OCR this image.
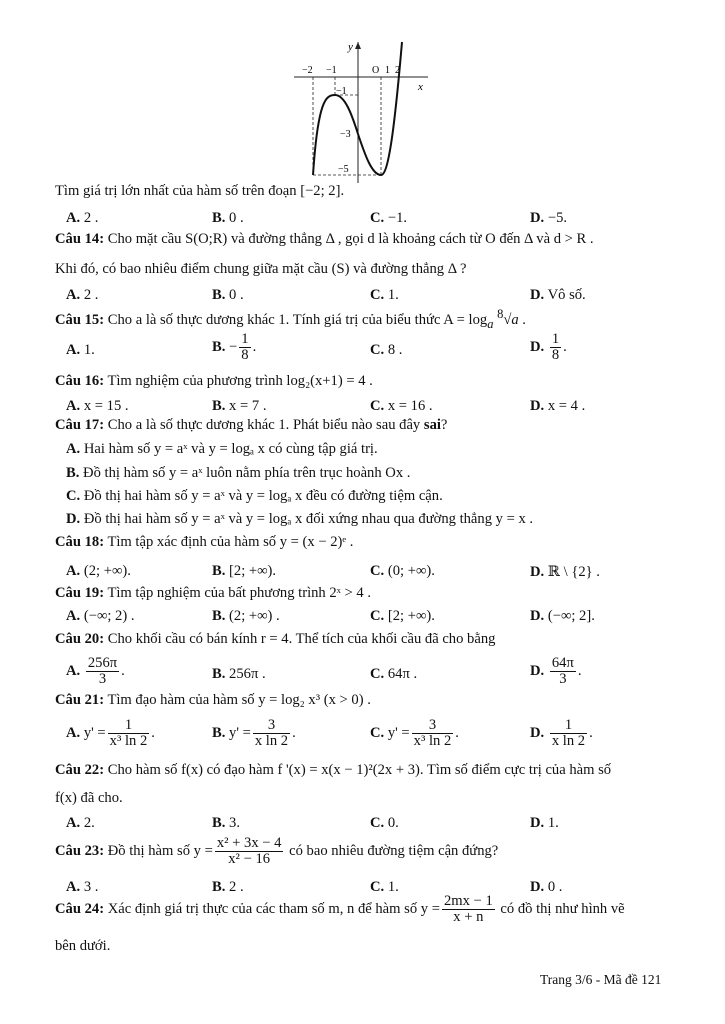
y
x
O
−2 −1	1 2
−1
−3
−5
Tìm giá trị lớn nhất của hàm số trên đoạn [−2; 2].
A. 2 .	B. 0 .	C. −1.	D. −5.
Câu 14: Cho mặt cầu S(O;R) và đường thẳng Δ , gọi d là khoảng cách từ O đến Δ và d > R .
Khi đó, có bao nhiêu điểm chung giữa mặt cầu (S) và đường thẳng Δ ?
A. 2 .	B. 0 .	C. 1.	D. Vô số.
Câu 15: Cho a là số thực dương khác 1. Tính giá trị của biểu thức $A = \log_a ^8√a$ .
A. 1.	B. − $\frac{1}{8}$ .	C. 8 .	D. $\frac{1}{8}$ .
Câu 16: Tìm nghiệm của phương trình log₂(x+1) = 4 .
A. x = 15 .	B. x = 7 .	C. x = 16 .	D. x = 4 .
Câu 17: Cho a là số thực dương khác 1. Phát biểu nào sau đây sai?
A. Hai hàm số y = aˣ và y = logₐ x có cùng tập giá trị.
B. Đồ thị hàm số y = aˣ luôn nằm phía trên trục hoành Ox .
C. Đồ thị hai hàm số y = aˣ và y = logₐ x đều có đường tiệm cận.
D. Đồ thị hai hàm số y = aˣ và y = logₐ x đối xứng nhau qua đường thẳng y = x .
Câu 18: Tìm tập xác định của hàm số y = (x − 2)ᵉ .
A. (2; +∞).	B. [2; +∞).	C. (0; +∞).	D. ℝ \ {2} .
Câu 19: Tìm tập nghiệm của bất phương trình 2ˣ > 4 .
A. (−∞; 2) .	B. (2; +∞) .	C. [2; +∞).	D. (−∞; 2].
Câu 20: Cho khối cầu có bán kính r = 4. Thể tích của khối cầu đã cho bằng
A. $\frac{256\pi}{3}$ .	B. 256π .	C. 64π .	D. $\frac{64\pi}{3}$ .
Câu 21: Tìm đạo hàm của hàm số y = log₂ x³ (x > 0) .
A. $y' = \frac{1}{\text{x³ ln 2}}$ .	B. $y' = \frac{3}{\text{x ln 2}}$ .	C. $y' = \frac{3}{\text{x³ ln 2}}$ .	D. $\frac{1}{\text{x ln 2}}$ .
Câu 22: Cho hàm số f(x) có đạo hàm f '(x) = x(x − 1)²(2x + 3). Tìm số điểm cực trị của hàm số
f(x) đã cho.
A. 2.	B. 3.	C. 0.	D. 1.
Câu 23: Đồ thị hàm số $y = \frac{\text{x² + 3x − 4}}{\text{x² − 16}}$ có bao nhiêu đường tiệm cận đứng?
A. 3 .	B. 2 .	C. 1.	D. 0 .
Câu 24: Xác định giá trị thực của các tham số m, n để hàm số $y = \frac{2mx - 1}{x + n}$ có đồ thị như hình vẽ
bên dưới.
Trang 3/6 - Mã đề 121
